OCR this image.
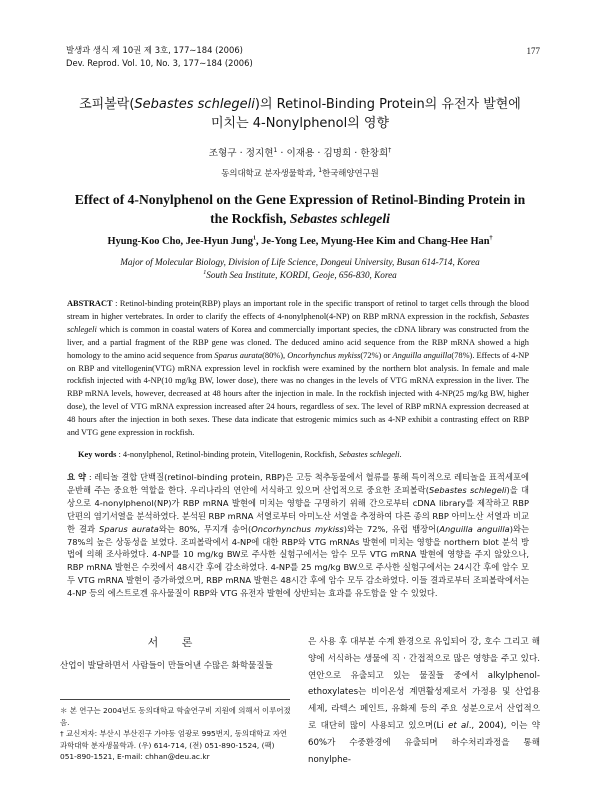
발생과 생식 제 10권 제 3호, 177∼184 (2006)
Dev. Reprod. Vol. 10, No. 3, 177∼184 (2006)
177
조피볼락(Sebastes schlegeli)의 Retinol-Binding Protein의 유전자 발현에
미치는 4-Nonylphenol의 영향
조형구 · 정지현$^1$ · 이재용 · 김명희 · 한창희†
동의대학교 분자생물학과, $^1$한국해양연구원
Effect of 4-Nonylphenol on the Gene Expression of Retinol-Binding Protein in
the Rockfish, Sebastes schlegeli
Hyung-Koo Cho, Jee-Hyun Jung$^1$, Je-Yong Lee, Myung-Hee Kim and Chang-Hee Han†
Major of Molecular Biology, Division of Life Science, Dongeui University, Busan 614-714, Korea
$^1$South Sea Institute, KORDI, Geoje, 656-830, Korea
ABSTRACT : Retinol-binding protein(RBP) plays an important role in the specific transport of retinol to target cells through the blood stream in higher vertebrates. In order to clarify the effects of 4-nonylphenol(4-NP) on RBP mRNA expression in the rockfish, Sebastes schlegeli which is common in coastal waters of Korea and commercially important species, the cDNA library was constructed from the liver, and a partial fragment of the RBP gene was cloned. The deduced amino acid sequence from the RBP mRNA showed a high homology to the amino acid sequence from Sparus aurata(80%), Oncorhynchus mykiss(72%) or Anguilla anguilla(78%). Effects of 4-NP on RBP and vitellogenin(VTG) mRNA expression level in rockfish were examined by the northern blot analysis. In female and male rockfish injected with 4-NP(10 mg/kg BW, lower dose), there was no changes in the levels of VTG mRNA expression in the liver. The RBP mRNA levels, however, decreased at 48 hours after the injection in male. In the rockfish injected with 4-NP(25 mg/kg BW, higher dose), the level of VTG mRNA expression increased after 24 hours, regardless of sex. The level of RBP mRNA expression decreased at 48 hours after the injection in both sexes. These data indicate that estrogenic mimics such as 4-NP exhibit a contrasting effect on RBP and VTG gene expression in rockfish.
Key words : 4-nonylphenol, Retinol-binding protein, Vitellogenin, Rockfish, Sebastes schlegeli.
요 약 : 레티놀 결합 단백질(retinol-binding protein, RBP)은 고등 척추동물에서 혈류를 통해 특이적으로 레티놀을 표적세포에 운반해 주는 중요한 역할을 한다. 우리나라의 연안에 서식하고 있으며 산업적으로 중요한 조피볼락(Sebastes schlegeli)을 대상으로 4-nonylphenol(NP)가 RBP mRNA 발현에 미치는 영향을 구명하기 위해 간으로부터 cDNA library를 제작하고 RBP 단편의 염기서열을 분석하였다. 분석된 RBP mRNA 서열로부터 아미노산 서열을 추정하여 다른 종의 RBP 아미노산 서열과 비교한 결과 Sparus aurata와는 80%, 무지개 송어(Oncorhynchus mykiss)와는 72%, 유럽 뱀장어(Anguilla anguilla)와는 78%의 높은 상동성을 보였다. 조피볼락에서 4-NP에 대한 RBP와 VTG mRNAs 발현에 미치는 영향을 northern blot 분석 방법에 의해 조사하였다. 4-NP를 10 mg/kg BW로 주사한 실험구에서는 암수 모두 VTG mRNA 발현에 영향을 주지 않았으나, RBP mRNA 발현은 수컷에서 48시간 후에 감소하였다. 4-NP를 25 mg/kg BW으로 주사한 실험구에서는 24시간 후에 암수 모두 VTG mRNA 발현이 증가하였으며, RBP mRNA 발현은 48시간 후에 암수 모두 감소하였다. 이들 결과로부터 조피볼락에서는 4-NP 등의 에스트로겐 유사물질이 RBP와 VTG 유전자 발현에 상반되는 효과를 유도함을 알 수 있었다.
서 론
산업이 발달하면서 사람들이 만들어낸 수많은 화학물질들
은 사용 후 대부분 수계 환경으로 유입되어 강, 호수 그리고 해양에 서식하는 생물에 직 · 간접적으로 많은 영향을 주고 있다. 연안으로 유출되고 있는 물질들 중에서 alkylphenol-ethoxylates는 비이온성 계면활성제로서 가정용 및 산업용 세제, 라텍스 페인트, 유화제 등의 주요 성분으로서 산업적으로 대단히 많이 사용되고 있으며(Li et al., 2004), 이는 약 60%가 수중환경에 유출되며 하수처리과정을 통해 nonylphe-
＊ 본 연구는 2004년도 동의대학교 학술연구비 지원에 의해서 이루어졌음.
† 교신저자: 부산시 부산진구 가야동 엄광로 995번지, 동의대학교 자연과학대학 분자생물학과. (우) 614-714, (전) 051-890-1524, (팩) 051-890-1521, E-mail: chhan@deu.ac.kr
